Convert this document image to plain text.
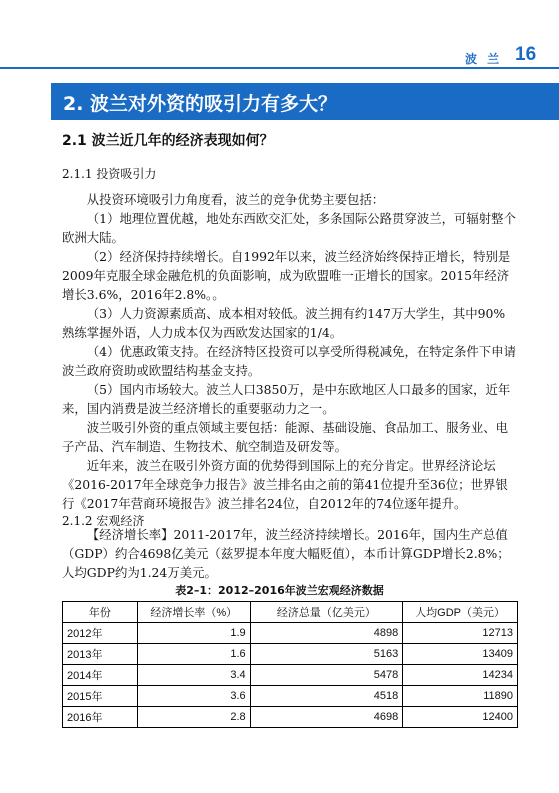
波 兰 16
2. 波兰对外资的吸引力有多大？
2.1 波兰近几年的经济表现如何？
2.1.1 投资吸引力

从投资环境吸引力角度看，波兰的竞争优势主要包括：

（1）地理位置优越，地处东西欧交汇处，多条国际公路贯穿波兰，可辐射整个欧洲大陆。

（2）经济保持持续增长。自1992年以来，波兰经济始终保持正增长，特别是2009年克服全球金融危机的负面影响，成为欧盟唯一正增长的国家。2015年经济增长3.6%，2016年2.8%。。

（3）人力资源素质高、成本相对较低。波兰拥有约147万大学生，其中90%熟练掌握外语，人力成本仅为西欧发达国家的1/4。

（4）优惠政策支持。在经济特区投资可以享受所得税减免，在特定条件下申请波兰政府资助或欧盟结构基金支持。

（5）国内市场较大。波兰人口3850万，是中东欧地区人口最多的国家，近年来，国内消费是波兰经济增长的重要驱动力之一。

波兰吸引外资的重点领域主要包括：能源、基础设施、食品加工、服务业、电子产品、汽车制造、生物技术、航空制造及研发等。

近年来，波兰在吸引外资方面的优势得到国际上的充分肯定。世界经济论坛《2016-2017年全球竞争力报告》波兰排名由之前的第41位提升至36位；世界银行《2017年营商环境报告》波兰排名24位，自2012年的74位逐年提升。

2.1.2 宏观经济

【经济增长率】2011-2017年，波兰经济持续增长。2016年，国内生产总值（GDP）约合4698亿美元（兹罗提本年度大幅贬值），本币计算GDP增长2.8%；人均GDP约为1.24万美元。

表2–1：2012–2016年波兰宏观经济数据
年份	经济增长率（%）	经济总量（亿美元）	人均GDP（美元）
2012年	1.9	4898	12713
2013年	1.6	5163	13409
2014年	3.4	5478	14234
2015年	3.6	4518	11890
2016年	2.8	4698	12400
